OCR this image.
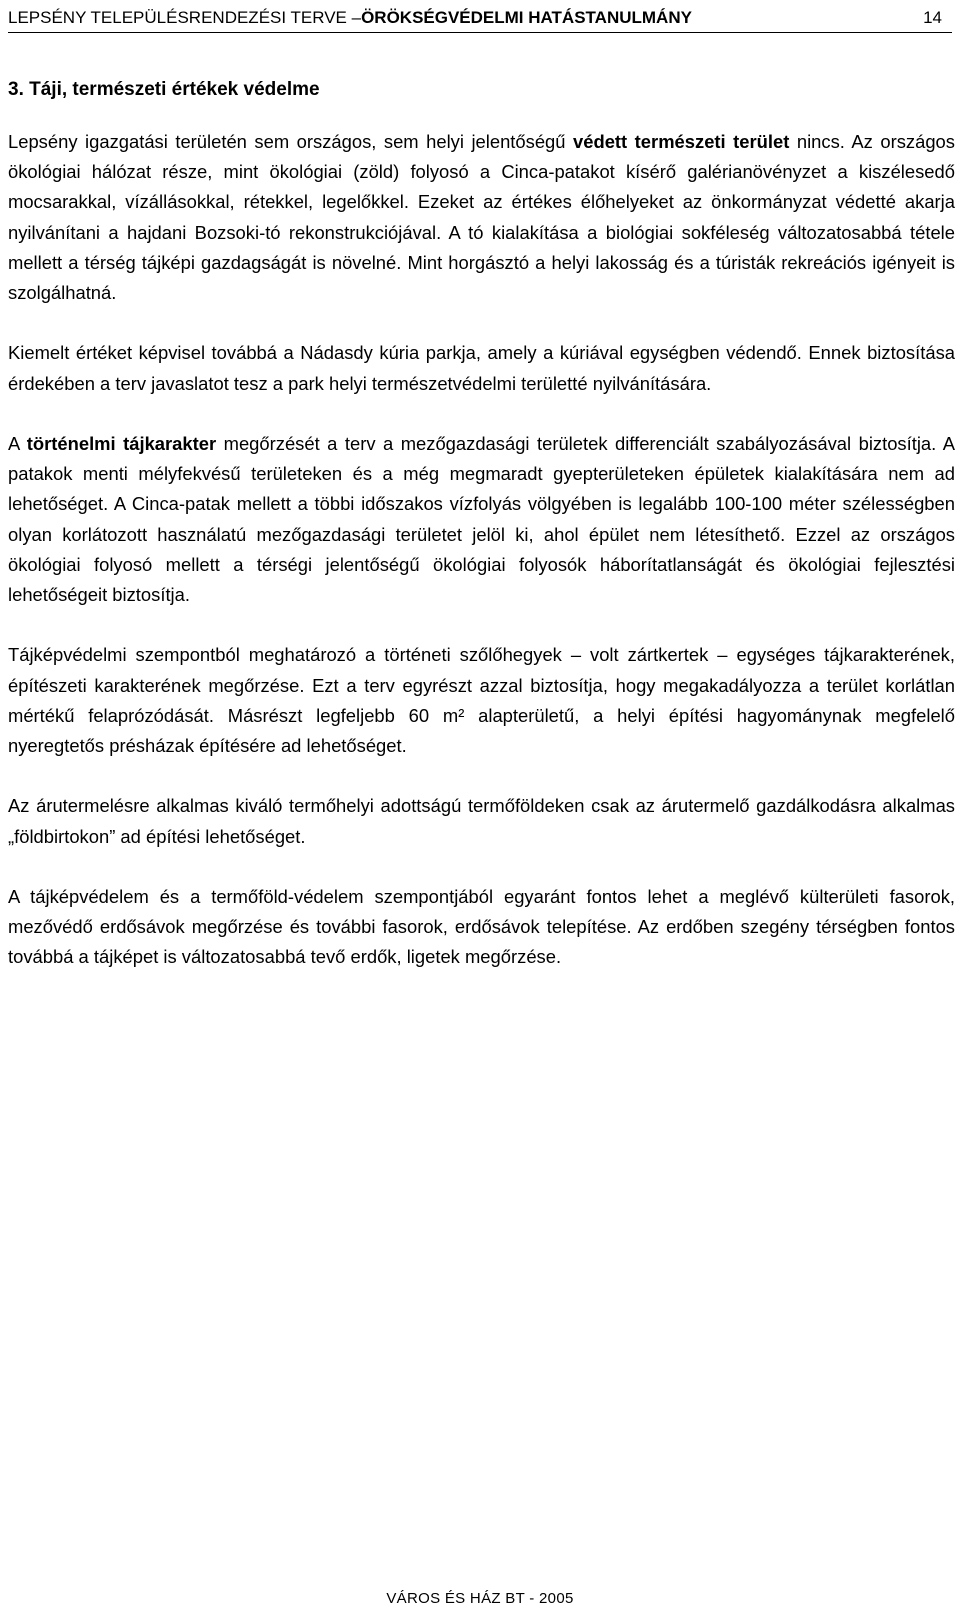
LEPSÉNY TELEPÜLÉSRENDEZÉSI TERVE –ÖRÖKSÉGVÉDELMI HATÁSTANULMÁNY	14
3. Táji, természeti értékek védelme

Lepsény igazgatási területén sem országos, sem helyi jelentőségű védett természeti terület nincs. Az országos ökológiai hálózat része, mint ökológiai (zöld) folyosó a Cinca-patakot kísérő galérianövényzet a kiszélesedő mocsarakkal, vízállásokkal, rétekkel, legelőkkel. Ezeket az értékes élőhelyeket az önkormányzat védetté akarja nyilvánítani a hajdani Bozsoki-tó rekonstrukciójával. A tó kialakítása a biológiai sokféleség változatosabbá tétele mellett a térség tájképi gazdagságát is növelné. Mint horgásztó a helyi lakosság és a túristák rekreációs igényeit is szolgálhatná.

Kiemelt értéket képvisel továbbá a Nádasdy kúria parkja, amely a kúriával egységben védendő. Ennek biztosítása érdekében a terv javaslatot tesz a park helyi természetvédelmi területté nyilvánítására.

A történelmi tájkarakter megőrzését a terv a mezőgazdasági területek differenciált szabályozásával biztosítja. A patakok menti mélyfekvésű területeken és a még megmaradt gyepterületeken épületek kialakítására nem ad lehetőséget. A Cinca-patak mellett a többi időszakos vízfolyás völgyében is legalább 100-100 méter szélességben olyan korlátozott használatú mezőgazdasági területet jelöl ki, ahol épület nem létesíthető. Ezzel az országos ökológiai folyosó mellett a térségi jelentőségű ökológiai folyosók háborítatlanságát és ökológiai fejlesztési lehetőségeit biztosítja.

Tájképvédelmi szempontból meghatározó a történeti szőlőhegyek – volt zártkertek – egységes tájkarakterének, építészeti karakterének megőrzése. Ezt a terv egyrészt azzal biztosítja, hogy megakadályozza a terület korlátlan mértékű felaprózódását. Másrészt legfeljebb 60 m² alapterületű, a helyi építési hagyománynak megfelelő nyeregtetős présházak építésére ad lehetőséget.

Az árutermelésre alkalmas kiváló termőhelyi adottságú termőföldeken csak az árutermelő gazdálkodásra alkalmas „földbirtokon” ad építési lehetőséget.

A tájképvédelem és a termőföld-védelem szempontjából egyaránt fontos lehet a meglévő külterületi fasorok, mezővédő erdősávok megőrzése és további fasorok, erdősávok telepítése. Az erdőben szegény térségben fontos továbbá a tájképet is változatosabbá tevő erdők, ligetek megőrzése.

VÁROS ÉS HÁZ BT - 2005
